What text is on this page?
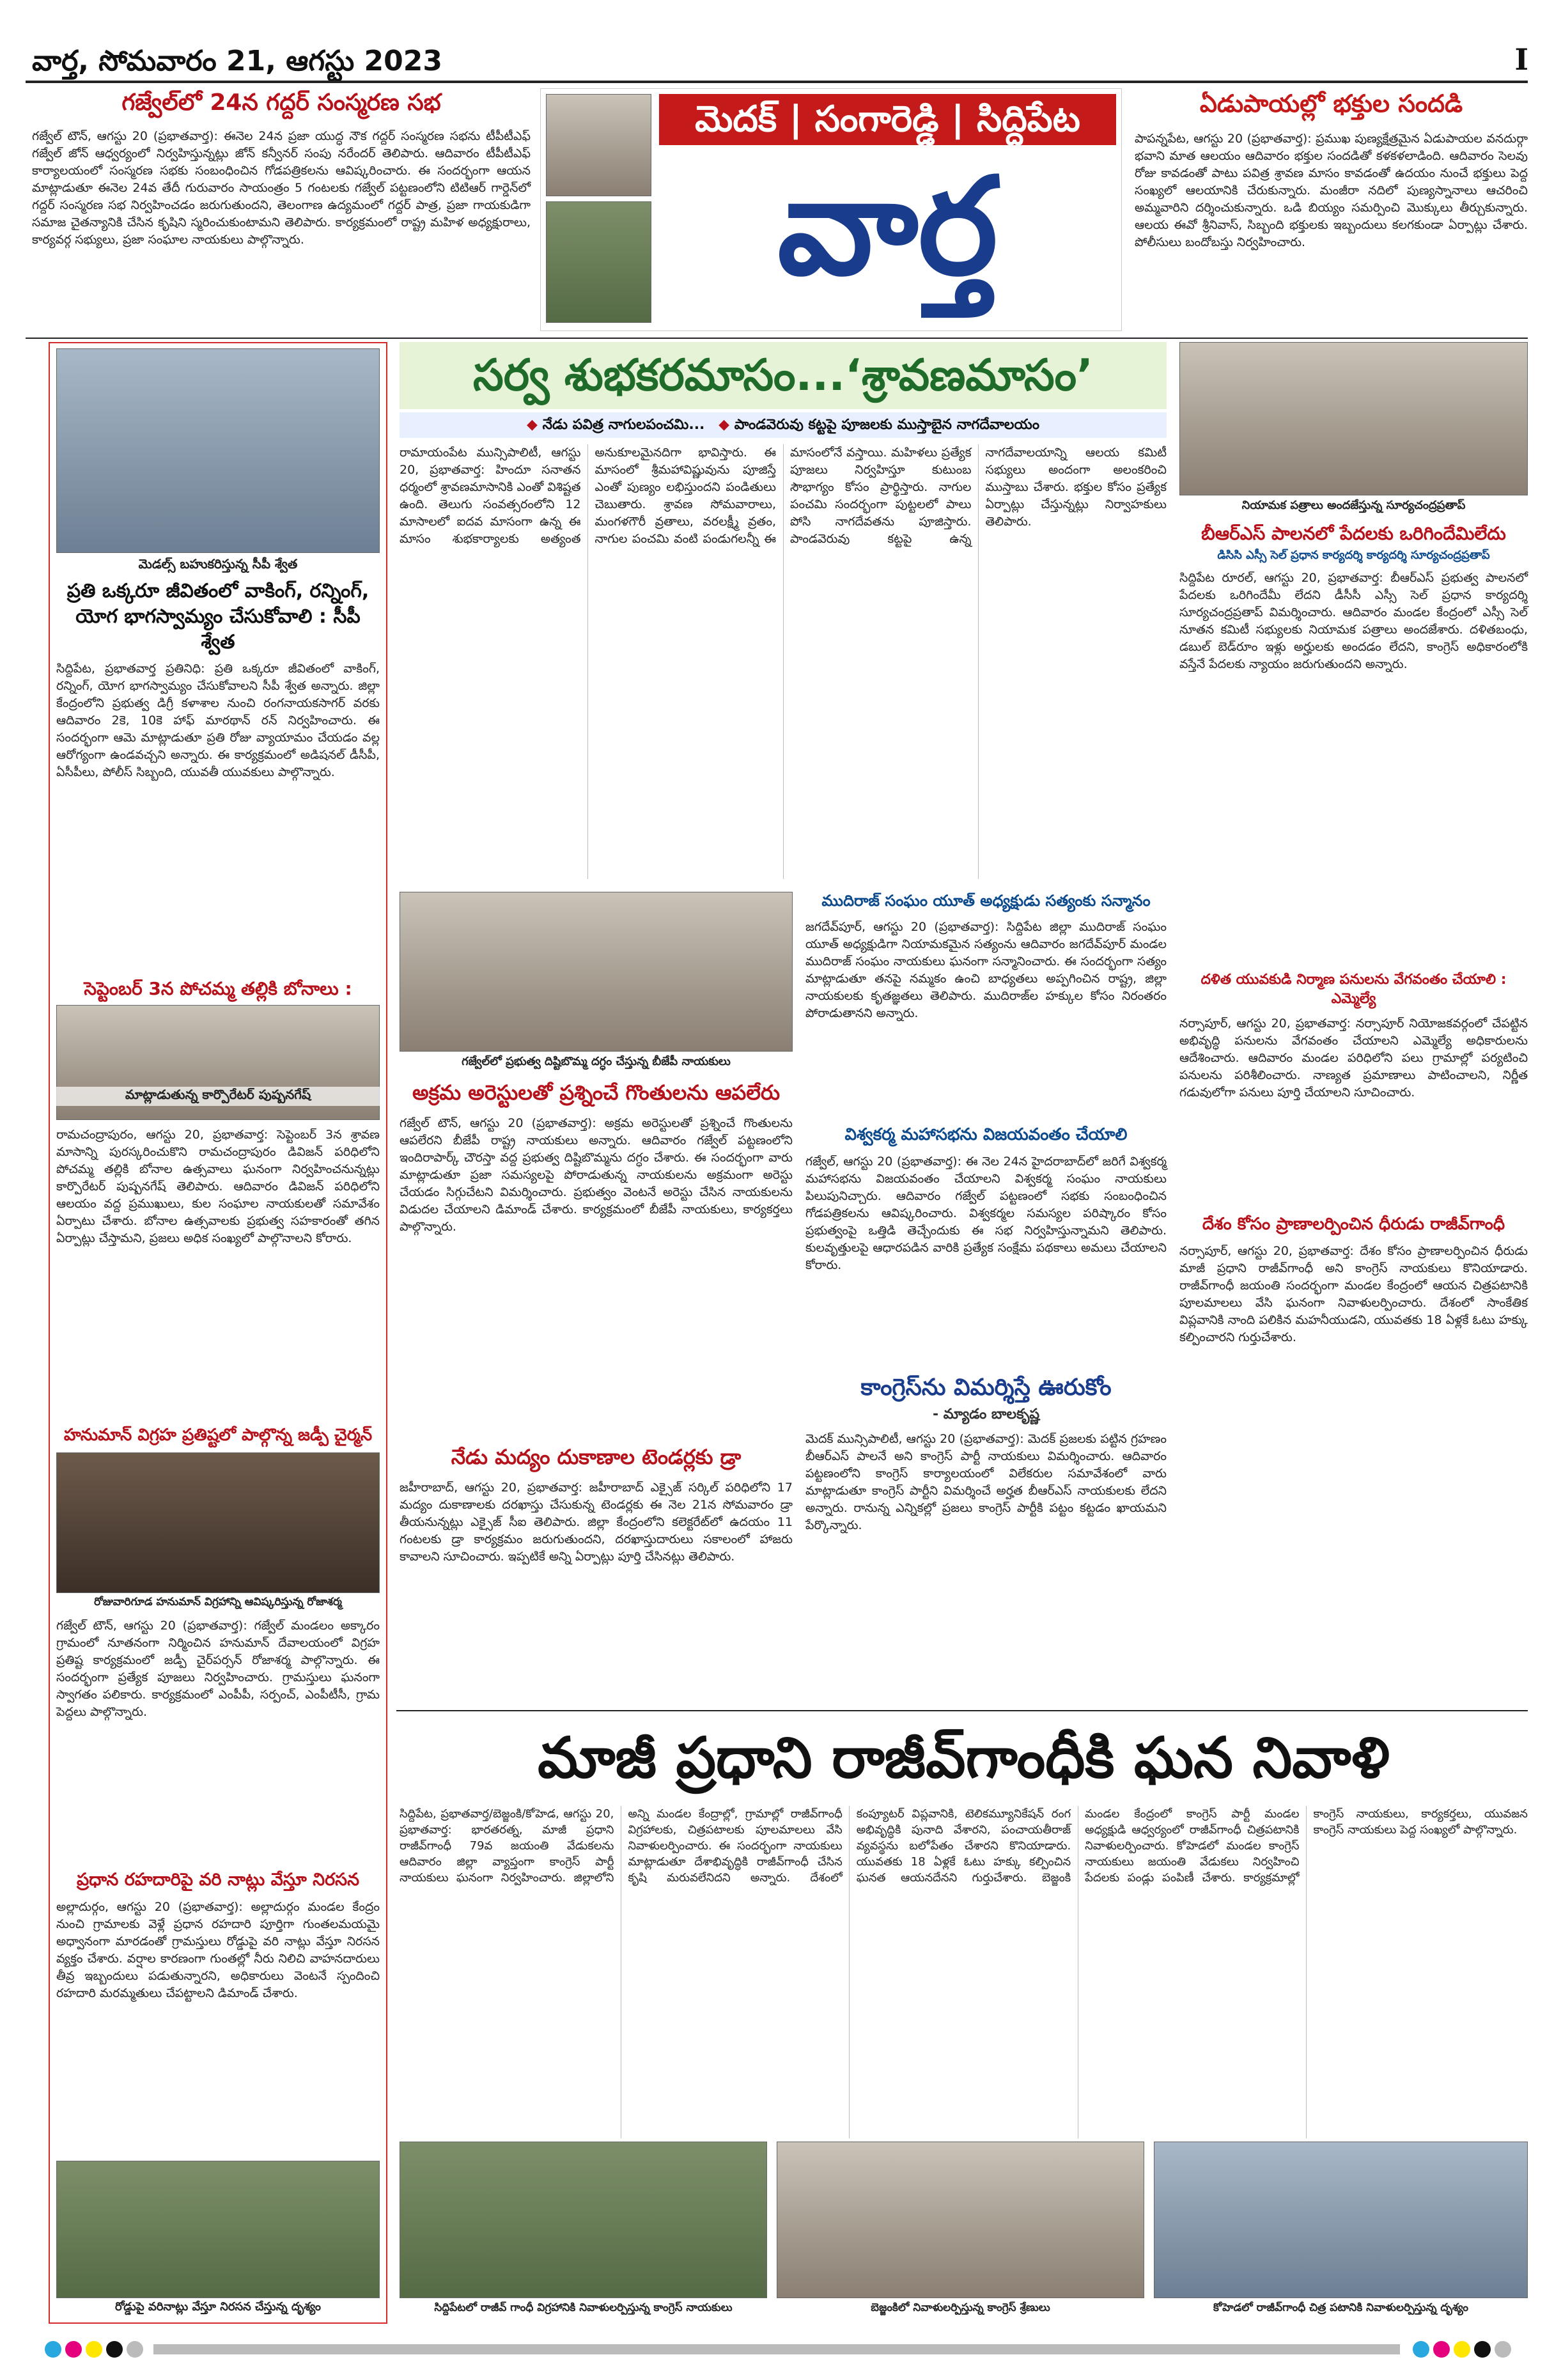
వార్త, సోమవారం 21, ఆగస్టు 2023	I
గజ్వేల్‌లో 24న గద్దర్ సంస్మరణ సభ
గజ్వేల్ టౌన్, ఆగస్టు 20 (ప్రభాతవార్త): ఈనెల 24న ప్రజా యుద్ధ నౌక గద్దర్ సంస్మరణ సభను టీపీటీఎఫ్ గజ్వేల్ జోన్ ఆధ్వర్యంలో నిర్వహిస్తున్నట్లు జోన్ కన్వీనర్ సంపు నరేందర్ తెలిపారు. ఆదివారం టీపీటీఎఫ్ కార్యాలయంలో సంస్మరణ సభకు సంబంధించిన గోడపత్రికలను ఆవిష్కరించారు. ఈ సందర్భంగా ఆయన మాట్లాడుతూ ఈనెల 24వ తేదీ గురువారం సాయంత్రం 5 గంటలకు గజ్వేల్ పట్టణంలోని టిటిఆర్ గార్డెన్‌లో గద్దర్ సంస్మరణ సభ నిర్వహించడం జరుగుతుందని, తెలంగాణ ఉద్యమంలో గద్దర్ పాత్ర, ప్రజా గాయకుడిగా సమాజ చైతన్యానికి చేసిన కృషిని స్మరించుకుంటామని తెలిపారు. కార్యక్రమంలో రాష్ట్ర మహిళ అధ్యక్షురాలు, కార్యవర్గ సభ్యులు, ప్రజా సంఘాల నాయకులు పాల్గొన్నారు.
మెదక్ | సంగారెడ్డి | సిద్దిపేట
వార్త
ఏడుపాయల్లో భక్తుల సందడి
పాపన్నపేట, ఆగస్టు 20 (ప్రభాతవార్త): ప్రముఖ పుణ్యక్షేత్రమైన ఏడుపాయల వనదుర్గా భవాని మాత ఆలయం ఆదివారం భక్తుల సందడితో కళకళలాడింది. ఆదివారం సెలవు రోజు కావడంతో పాటు పవిత్ర శ్రావణ మాసం కావడంతో ఉదయం నుంచే భక్తులు పెద్ద సంఖ్యలో ఆలయానికి చేరుకున్నారు. మంజీరా నదిలో పుణ్యస్నానాలు ఆచరించి అమ్మవారిని దర్శించుకున్నారు. ఒడి బియ్యం సమర్పించి మొక్కులు తీర్చుకున్నారు. ఆలయ ఈవో శ్రీనివాస్, సిబ్బంది భక్తులకు ఇబ్బందులు కలగకుండా ఏర్పాట్లు చేశారు. పోలీసులు బందోబస్తు నిర్వహించారు.
మెడల్స్ బహుకరిస్తున్న సీపీ శ్వేత
ప్రతి ఒక్కరూ జీవితంలో వాకింగ్, రన్నింగ్, యోగ భాగస్వామ్యం చేసుకోవాలి : సీపీ శ్వేత
సిద్దిపేట, ప్రభాతవార్త ప్రతినిధి: ప్రతి ఒక్కరూ జీవితంలో వాకింగ్, రన్నింగ్, యోగ భాగస్వామ్యం చేసుకోవాలని సీపీ శ్వేత అన్నారు. జిల్లా కేంద్రంలోని ప్రభుత్వ డిగ్రీ కళాశాల నుంచి రంగనాయకసాగర్ వరకు ఆదివారం 2కె, 10కె హాఫ్ మారథాన్ రన్ నిర్వహించారు. ఈ సందర్భంగా ఆమె మాట్లాడుతూ ప్రతి రోజు వ్యాయామం చేయడం వల్ల ఆరోగ్యంగా ఉండవచ్చని అన్నారు. ఈ కార్యక్రమంలో అడిషనల్ డీసీపీ, ఏసీపీలు, పోలీస్ సిబ్బంది, యువతీ యువకులు పాల్గొన్నారు.
సెప్టెంబర్ 3న పోచమ్మ తల్లికి బోనాలు :
మాట్లాడుతున్న కార్పొరేటర్ పుష్పనగేష్
రామచంద్రాపురం, ఆగస్టు 20, ప్రభాతవార్త: సెప్టెంబర్ 3న శ్రావణ మాసాన్ని పురస్కరించుకొని రామచంద్రాపురం డివిజన్ పరిధిలోని పోచమ్మ తల్లికి బోనాల ఉత్సవాలు ఘనంగా నిర్వహించనున్నట్లు కార్పొరేటర్ పుష్పనగేష్ తెలిపారు. ఆదివారం డివిజన్ పరిధిలోని ఆలయం వద్ద ప్రముఖులు, కుల సంఘాల నాయకులతో సమావేశం ఏర్పాటు చేశారు. బోనాల ఉత్సవాలకు ప్రభుత్వ సహకారంతో తగిన ఏర్పాట్లు చేస్తామని, ప్రజలు అధిక సంఖ్యలో పాల్గొనాలని కోరారు.
హనుమాన్ విగ్రహ ప్రతిష్టలో పాల్గొన్న జడ్పీ చైర్మన్
రోజువారిగూడ హనుమాన్ విగ్రహాన్ని ఆవిష్కరిస్తున్న రోజాశర్మ
గజ్వేల్ టౌన్, ఆగస్టు 20 (ప్రభాతవార్త): గజ్వేల్ మండలం అక్కారం గ్రామంలో నూతనంగా నిర్మించిన హనుమాన్ దేవాలయంలో విగ్రహ ప్రతిష్ట కార్యక్రమంలో జడ్పీ చైర్‌పర్సన్ రోజాశర్మ పాల్గొన్నారు. ఈ సందర్భంగా ప్రత్యేక పూజలు నిర్వహించారు. గ్రామస్తులు ఘనంగా స్వాగతం పలికారు. కార్యక్రమంలో ఎంపీపీ, సర్పంచ్, ఎంపీటీసీ, గ్రామ పెద్దలు పాల్గొన్నారు.
ప్రధాన రహదారిపై వరి నాట్లు వేస్తూ నిరసన
అల్లాదుర్గం, ఆగస్టు 20 (ప్రభాతవార్త): అల్లాదుర్గం మండల కేంద్రం నుంచి గ్రామాలకు వెళ్లే ప్రధాన రహదారి పూర్తిగా గుంతలమయమై అధ్వానంగా మారడంతో గ్రామస్తులు రోడ్డుపై వరి నాట్లు వేస్తూ నిరసన వ్యక్తం చేశారు. వర్షాల కారణంగా గుంతల్లో నీరు నిలిచి వాహనదారులు తీవ్ర ఇబ్బందులు పడుతున్నారని, అధికారులు వెంటనే స్పందించి రహదారి మరమ్మతులు చేపట్టాలని డిమాండ్ చేశారు.
రోడ్డుపై వరినాట్లు వేస్తూ నిరసన చేస్తున్న దృశ్యం
సర్వ శుభకరమాసం...‘శ్రావణమాసం’
◆ నేడు పవిత్ర నాగులపంచమి... ◆ పాండవెరువు కట్టపై పూజలకు ముస్తాబైన నాగదేవాలయం
రామాయంపేట మున్సిపాలిటీ, ఆగస్టు 20, ప్రభాతవార్త: హిందూ సనాతన ధర్మంలో శ్రావణమాసానికి ఎంతో విశిష్టత ఉంది. తెలుగు సంవత్సరంలోని 12 మాసాలలో ఐదవ మాసంగా ఉన్న ఈ మాసం శుభకార్యాలకు అత్యంత అనుకూలమైనదిగా భావిస్తారు. ఈ మాసంలో శ్రీమహావిష్ణువును పూజిస్తే ఎంతో పుణ్యం లభిస్తుందని పండితులు చెబుతారు. శ్రావణ సోమవారాలు, మంగళగౌరీ వ్రతాలు, వరలక్ష్మీ వ్రతం, నాగుల పంచమి వంటి పండుగలన్నీ ఈ మాసంలోనే వస్తాయి. మహిళలు ప్రత్యేక పూజలు నిర్వహిస్తూ కుటుంబ సౌభాగ్యం కోసం ప్రార్థిస్తారు. నాగుల పంచమి సందర్భంగా పుట్టలలో పాలు పోసి నాగదేవతను పూజిస్తారు. పాండవెరువు కట్టపై ఉన్న నాగదేవాలయాన్ని ఆలయ కమిటీ సభ్యులు అందంగా అలంకరించి ముస్తాబు చేశారు. భక్తుల కోసం ప్రత్యేక ఏర్పాట్లు చేస్తున్నట్లు నిర్వాహకులు తెలిపారు.
గజ్వేల్‌లో ప్రభుత్వ దిష్టిబొమ్మ దగ్ధం చేస్తున్న బీజేపీ నాయకులు
అక్రమ అరెస్టులతో ప్రశ్నించే గొంతులను ఆపలేరు
గజ్వేల్ టౌన్, ఆగస్టు 20 (ప్రభాతవార్త): అక్రమ అరెస్టులతో ప్రశ్నించే గొంతులను ఆపలేరని బీజేపీ రాష్ట్ర నాయకులు అన్నారు. ఆదివారం గజ్వేల్ పట్టణంలోని ఇందిరాపార్క్ చౌరస్తా వద్ద ప్రభుత్వ దిష్టిబొమ్మను దగ్ధం చేశారు. ఈ సందర్భంగా వారు మాట్లాడుతూ ప్రజా సమస్యలపై పోరాడుతున్న నాయకులను అక్రమంగా అరెస్టు చేయడం సిగ్గుచేటని విమర్శించారు. ప్రభుత్వం వెంటనే అరెస్టు చేసిన నాయకులను విడుదల చేయాలని డిమాండ్ చేశారు. కార్యక్రమంలో బీజేపీ నాయకులు, కార్యకర్తలు పాల్గొన్నారు.
నేడు మద్యం దుకాణాల టెండర్లకు డ్రా
జహీరాబాద్, ఆగస్టు 20, ప్రభాతవార్త: జహీరాబాద్ ఎక్సైజ్ సర్కిల్ పరిధిలోని 17 మద్యం దుకాణాలకు దరఖాస్తు చేసుకున్న టెండర్లకు ఈ నెల 21న సోమవారం డ్రా తీయనున్నట్లు ఎక్సైజ్ సీఐ తెలిపారు. జిల్లా కేంద్రంలోని కలెక్టరేట్‌లో ఉదయం 11 గంటలకు డ్రా కార్యక్రమం జరుగుతుందని, దరఖాస్తుదారులు సకాలంలో హాజరు కావాలని సూచించారు. ఇప్పటికే అన్ని ఏర్పాట్లు పూర్తి చేసినట్లు తెలిపారు.
ముదిరాజ్ సంఘం యూత్ అధ్యక్షుడు సత్యంకు సన్మానం
జగదేవ్‌పూర్, ఆగస్టు 20 (ప్రభాతవార్త): సిద్దిపేట జిల్లా ముదిరాజ్ సంఘం యూత్ అధ్యక్షుడిగా నియామకమైన సత్యంను ఆదివారం జగదేవ్‌పూర్ మండల ముదిరాజ్ సంఘం నాయకులు ఘనంగా సన్మానించారు. ఈ సందర్భంగా సత్యం మాట్లాడుతూ తనపై నమ్మకం ఉంచి బాధ్యతలు అప్పగించిన రాష్ట్ర, జిల్లా నాయకులకు కృతజ్ఞతలు తెలిపారు. ముదిరాజ్‌ల హక్కుల కోసం నిరంతరం పోరాడుతానని అన్నారు.
విశ్వకర్మ మహాసభను విజయవంతం చేయాలి
గజ్వేల్, ఆగస్టు 20 (ప్రభాతవార్త): ఈ నెల 24న హైదరాబాద్‌లో జరిగే విశ్వకర్మ మహాసభను విజయవంతం చేయాలని విశ్వకర్మ సంఘం నాయకులు పిలుపునిచ్చారు. ఆదివారం గజ్వేల్ పట్టణంలో సభకు సంబంధించిన గోడపత్రికలను ఆవిష్కరించారు. విశ్వకర్మల సమస్యల పరిష్కారం కోసం ప్రభుత్వంపై ఒత్తిడి తెచ్చేందుకు ఈ సభ నిర్వహిస్తున్నామని తెలిపారు. కులవృత్తులపై ఆధారపడిన వారికి ప్రత్యేక సంక్షేమ పథకాలు అమలు చేయాలని కోరారు.
కాంగ్రెస్‌ను విమర్శిస్తే ఊరుకోం
- మ్యాడం బాలకృష్ణ
మెదక్ మున్సిపాలిటీ, ఆగస్టు 20 (ప్రభాతవార్త): మెదక్ ప్రజలకు పట్టిన గ్రహణం బీఆర్‌ఎస్ పాలనే అని కాంగ్రెస్ పార్టీ నాయకులు విమర్శించారు. ఆదివారం పట్టణంలోని కాంగ్రెస్ కార్యాలయంలో విలేకరుల సమావేశంలో వారు మాట్లాడుతూ కాంగ్రెస్ పార్టీని విమర్శించే అర్హత బీఆర్‌ఎస్ నాయకులకు లేదని అన్నారు. రానున్న ఎన్నికల్లో ప్రజలు కాంగ్రెస్ పార్టీకి పట్టం కట్టడం ఖాయమని పేర్కొన్నారు.
నియామక పత్రాలు అందజేస్తున్న సూర్యచంద్రప్రతాప్
బీఆర్‌ఎస్ పాలనలో పేదలకు ఒరిగిందేమిలేదు
డిసిసి ఎస్సీ సెల్ ప్రధాన కార్యదర్శి కార్యదర్శి సూర్యచంద్రప్రతాప్
సిద్దిపేట రూరల్, ఆగస్టు 20, ప్రభాతవార్త: బీఆర్‌ఎస్ ప్రభుత్వ పాలనలో పేదలకు ఒరిగిందేమీ లేదని డీసీసీ ఎస్సీ సెల్ ప్రధాన కార్యదర్శి సూర్యచంద్రప్రతాప్ విమర్శించారు. ఆదివారం మండల కేంద్రంలో ఎస్సీ సెల్ నూతన కమిటీ సభ్యులకు నియామక పత్రాలు అందజేశారు. దళితబంధు, డబుల్ బెడ్‌రూం ఇళ్లు అర్హులకు అందడం లేదని, కాంగ్రెస్ అధికారంలోకి వస్తేనే పేదలకు న్యాయం జరుగుతుందని అన్నారు.
దళిత యువకుడి నిర్మాణ పనులను వేగవంతం చేయాలి : ఎమ్మెల్యే
నర్సాపూర్, ఆగస్టు 20, ప్రభాతవార్త: నర్సాపూర్ నియోజకవర్గంలో చేపట్టిన అభివృద్ధి పనులను వేగవంతం చేయాలని ఎమ్మెల్యే అధికారులను ఆదేశించారు. ఆదివారం మండల పరిధిలోని పలు గ్రామాల్లో పర్యటించి పనులను పరిశీలించారు. నాణ్యత ప్రమాణాలు పాటించాలని, నిర్ణీత గడువులోగా పనులు పూర్తి చేయాలని సూచించారు.
దేశం కోసం ప్రాణాలర్పించిన ధీరుడు రాజీవ్‌గాంధీ
నర్సాపూర్, ఆగస్టు 20, ప్రభాతవార్త: దేశం కోసం ప్రాణాలర్పించిన ధీరుడు మాజీ ప్రధాని రాజీవ్‌గాంధీ అని కాంగ్రెస్ నాయకులు కొనియాడారు. రాజీవ్‌గాంధీ జయంతి సందర్భంగా మండల కేంద్రంలో ఆయన చిత్రపటానికి పూలమాలలు వేసి ఘనంగా నివాళులర్పించారు. దేశంలో సాంకేతిక విప్లవానికి నాంది పలికిన మహనీయుడని, యువతకు 18 ఏళ్లకే ఓటు హక్కు కల్పించారని గుర్తుచేశారు.
మాజీ ప్రధాని రాజీవ్‌గాంధీకి ఘన నివాళి
సిద్దిపేట, ప్రభాతవార్త/బెజ్జంకి/కోహెడ, ఆగస్టు 20, ప్రభాతవార్త: భారతరత్న, మాజీ ప్రధాని రాజీవ్‌గాంధీ 79వ జయంతి వేడుకలను ఆదివారం జిల్లా వ్యాప్తంగా కాంగ్రెస్ పార్టీ నాయకులు ఘనంగా నిర్వహించారు. జిల్లాలోని అన్ని మండల కేంద్రాల్లో, గ్రామాల్లో రాజీవ్‌గాంధీ విగ్రహాలకు, చిత్రపటాలకు పూలమాలలు వేసి నివాళులర్పించారు. ఈ సందర్భంగా నాయకులు మాట్లాడుతూ దేశాభివృద్ధికి రాజీవ్‌గాంధీ చేసిన కృషి మరువలేనిదని అన్నారు. దేశంలో కంప్యూటర్ విప్లవానికి, టెలికమ్యూనికేషన్ రంగ అభివృద్ధికి పునాది వేశారని, పంచాయతీరాజ్ వ్యవస్థను బలోపేతం చేశారని కొనియాడారు. యువతకు 18 ఏళ్లకే ఓటు హక్కు కల్పించిన ఘనత ఆయనదేనని గుర్తుచేశారు. బెజ్జంకి మండల కేంద్రంలో కాంగ్రెస్ పార్టీ మండల అధ్యక్షుడి ఆధ్వర్యంలో రాజీవ్‌గాంధీ చిత్రపటానికి నివాళులర్పించారు. కోహెడలో మండల కాంగ్రెస్ నాయకులు జయంతి వేడుకలు నిర్వహించి పేదలకు పండ్లు పంపిణీ చేశారు. కార్యక్రమాల్లో కాంగ్రెస్ నాయకులు, కార్యకర్తలు, యువజన కాంగ్రెస్ నాయకులు పెద్ద సంఖ్యలో పాల్గొన్నారు.
సిద్దిపేటలో రాజీవ్ గాంధీ విగ్రహానికి నివాళులర్పిస్తున్న కాంగ్రెస్ నాయకులు	బెజ్జంకిలో నివాళులర్పిస్తున్న కాంగ్రెస్ శ్రేణులు	కోహెడలో రాజీవ్‌గాంధీ చిత్ర పటానికి నివాళులర్పిస్తున్న దృశ్యం
